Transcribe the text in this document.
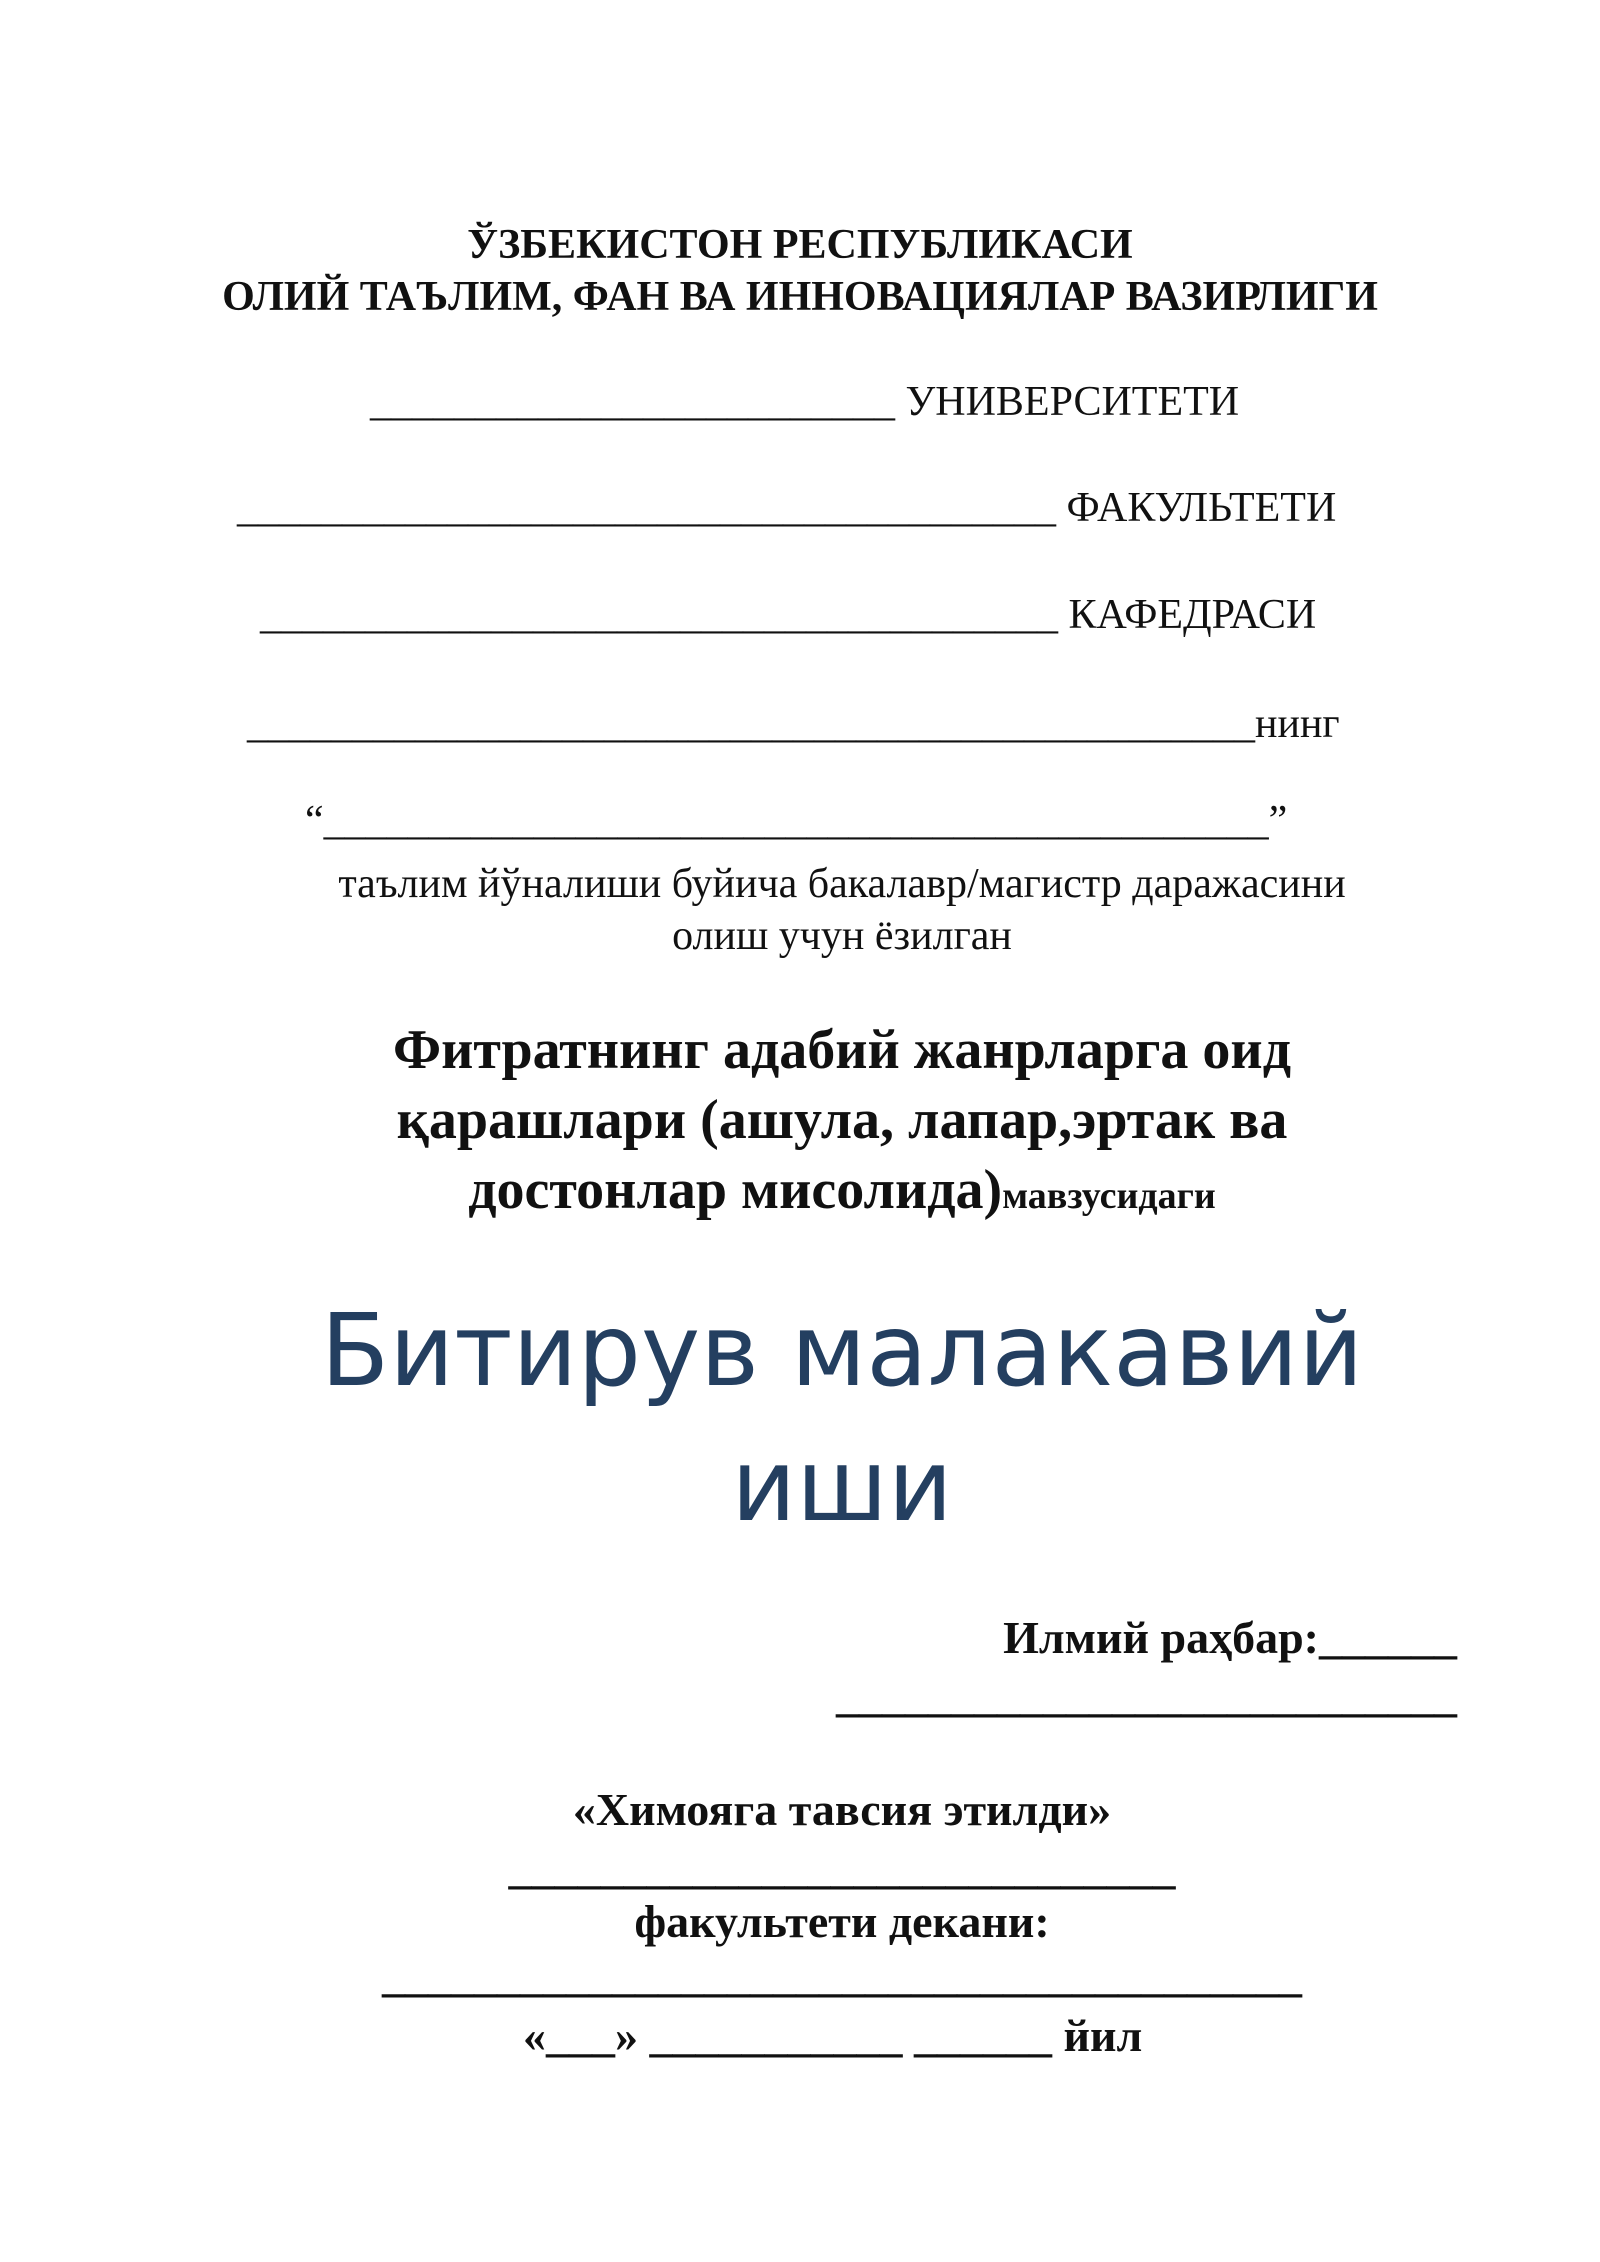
ЎЗБЕКИСТОН РЕСПУБЛИКАСИ
ОЛИЙ ТАЪЛИМ, ФАН ВА ИННОВАЦИЯЛАР ВАЗИРЛИГИ
_________________________ УНИВЕРСИТЕТИ
_______________________________________ ФАКУЛЬТЕТИ
______________________________________ КАФЕДРАСИ
________________________________________________нинг
“_____________________________________________”
таълим йўналиши буйича бакалавр/магистр даражасини
олиш учун ёзилган
Фитратнинг адабий жанрларга оид
қарашлари (ашула, лапар,эртак ва
достонлар мисолида)мавзусидаги
Битирув малакавий
иши
Илмий раҳбар:______
___________________________
«Химояга тавсия этилди»
_____________________________
факультети декани:
________________________________________
«___» ___________ ______ йил
